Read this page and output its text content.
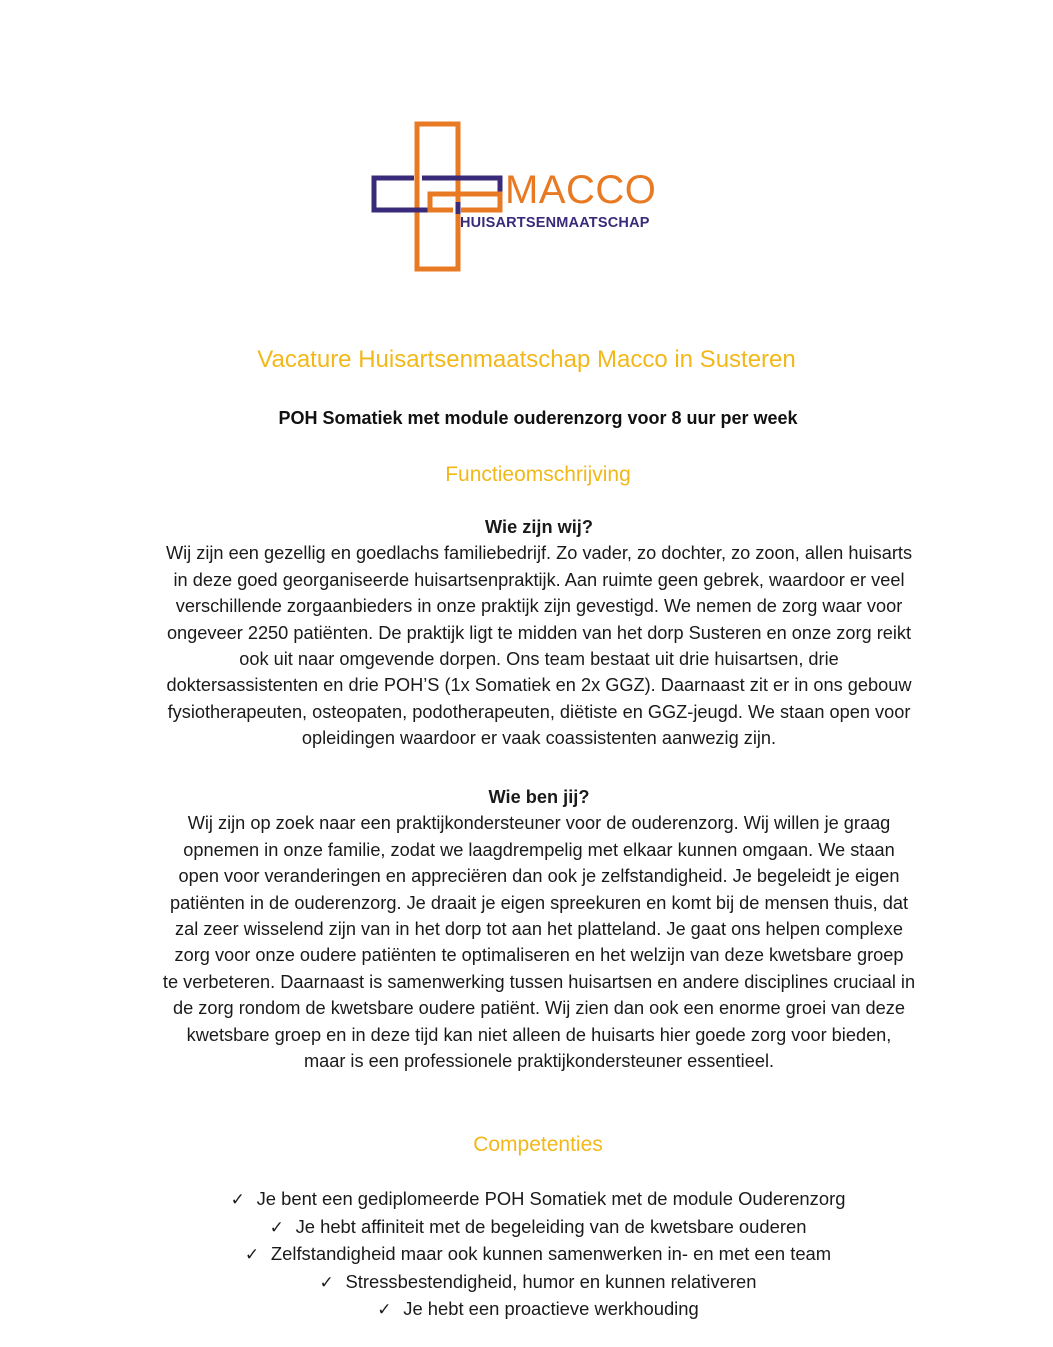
MACCO
HUISARTSENMAATSCHAP
Vacature Huisartsenmaatschap Macco in Susteren
POH Somatiek met module ouderenzorg voor 8 uur per week
Functieomschrijving
Wie zijn wij?
Wij zijn een gezellig en goedlachs familiebedrijf. Zo vader, zo dochter, zo zoon, allen huisarts
in deze goed georganiseerde huisartsenpraktijk. Aan ruimte geen gebrek, waardoor er veel
verschillende zorgaanbieders in onze praktijk zijn gevestigd. We nemen de zorg waar voor
ongeveer 2250 patiënten. De praktijk ligt te midden van het dorp Susteren en onze zorg reikt
ook uit naar omgevende dorpen. Ons team bestaat uit drie huisartsen, drie
doktersassistenten en drie POH’S (1x Somatiek en 2x GGZ). Daarnaast zit er in ons gebouw
fysiotherapeuten, osteopaten, podotherapeuten, diëtiste en GGZ-jeugd. We staan open voor
opleidingen waardoor er vaak coassistenten aanwezig zijn.
Wie ben jij?
Wij zijn op zoek naar een praktijkondersteuner voor de ouderenzorg. Wij willen je graag
opnemen in onze familie, zodat we laagdrempelig met elkaar kunnen omgaan. We staan
open voor veranderingen en appreciëren dan ook je zelfstandigheid. Je begeleidt je eigen
patiënten in de ouderenzorg. Je draait je eigen spreekuren en komt bij de mensen thuis, dat
zal zeer wisselend zijn van in het dorp tot aan het platteland. Je gaat ons helpen complexe
zorg voor onze oudere patiënten te optimaliseren en het welzijn van deze kwetsbare groep
te verbeteren. Daarnaast is samenwerking tussen huisartsen en andere disciplines cruciaal in
de zorg rondom de kwetsbare oudere patiënt. Wij zien dan ook een enorme groei van deze
kwetsbare groep en in deze tijd kan niet alleen de huisarts hier goede zorg voor bieden,
maar is een professionele praktijkondersteuner essentieel.
Competenties
✓ Je bent een gediplomeerde POH Somatiek met de module Ouderenzorg
✓ Je hebt affiniteit met de begeleiding van de kwetsbare ouderen
✓ Zelfstandigheid maar ook kunnen samenwerken in- en met een team
✓ Stressbestendigheid, humor en kunnen relativeren
✓ Je hebt een proactieve werkhouding
